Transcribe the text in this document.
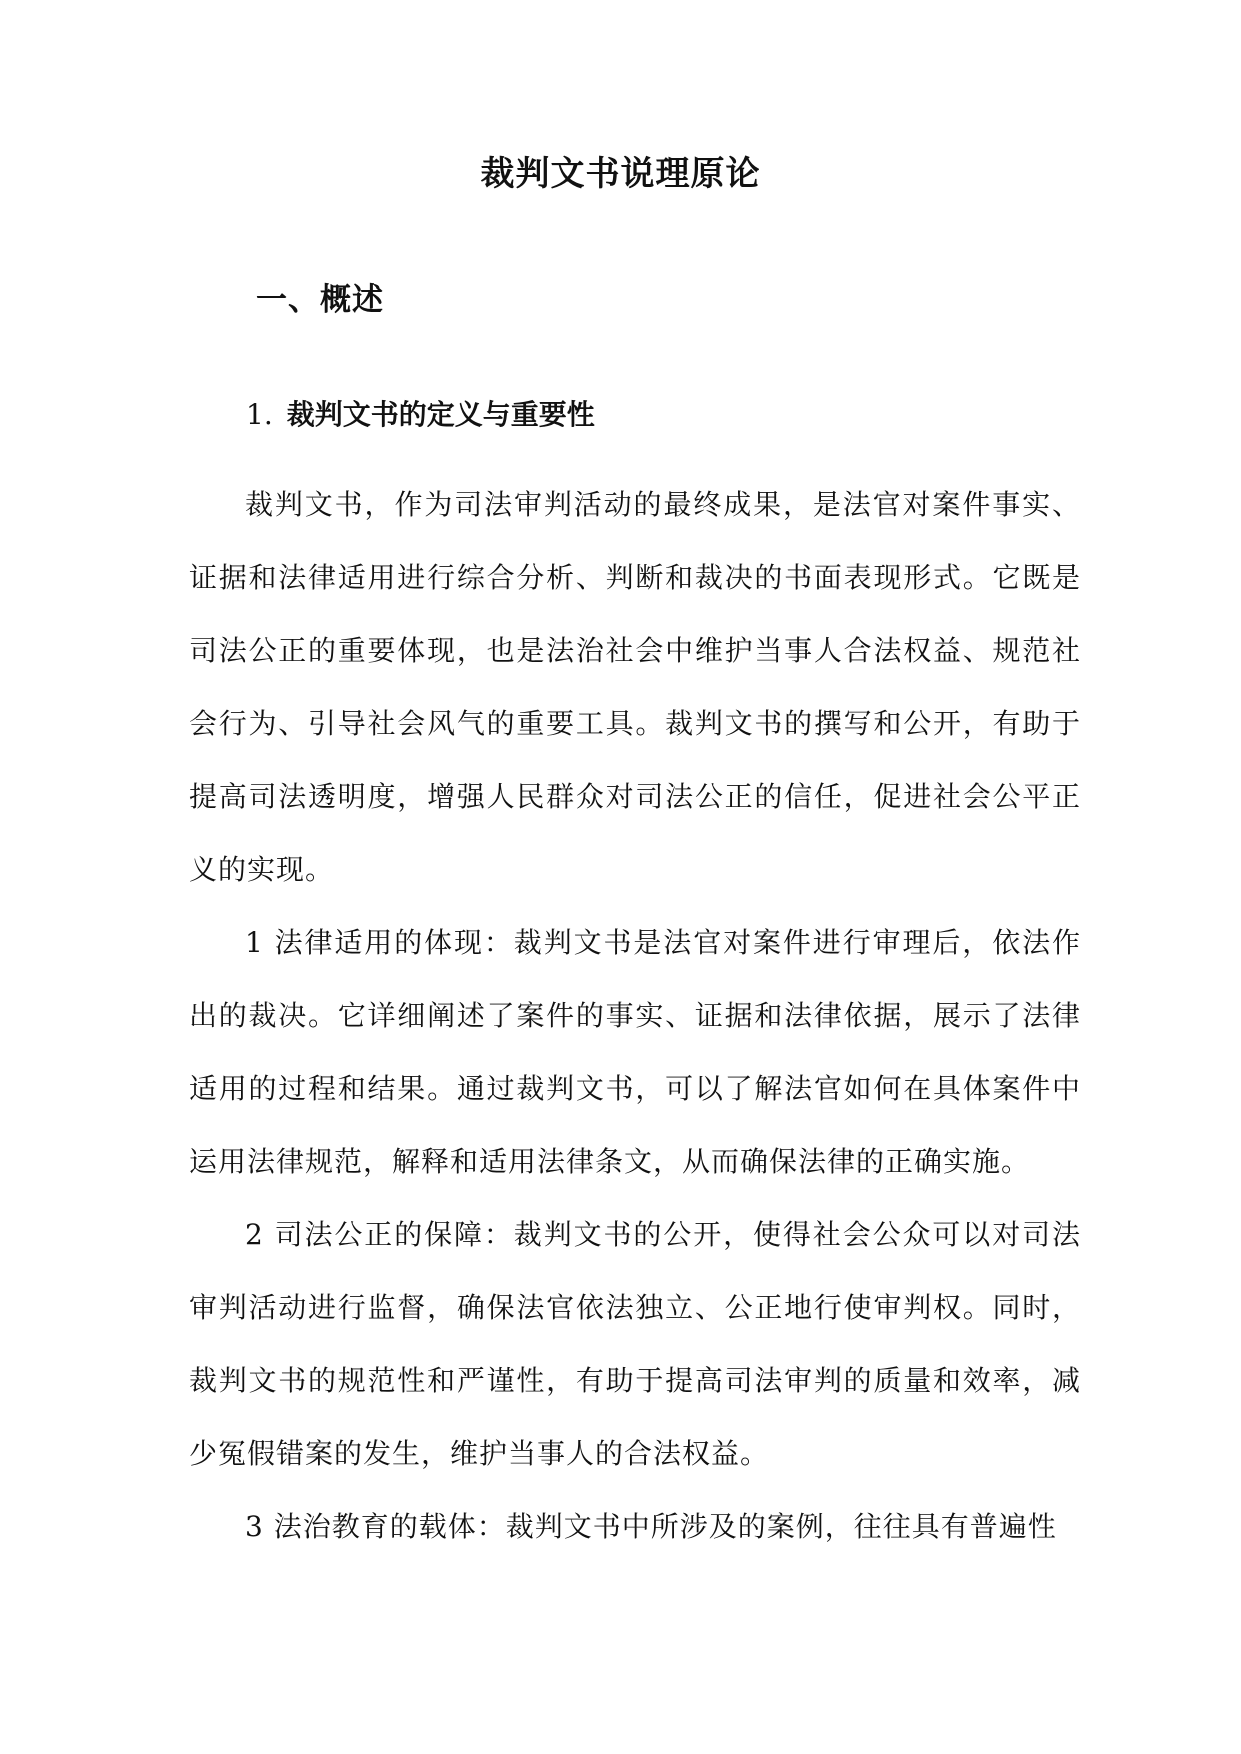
裁判文书说理原论
一、概述
1. 裁判文书的定义与重要性

裁判文书，作为司法审判活动的最终成果，是法官对案件事实、证据和法律适用进行综合分析、判断和裁决的书面表现形式。它既是司法公正的重要体现，也是法治社会中维护当事人合法权益、规范社会行为、引导社会风气的重要工具。裁判文书的撰写和公开，有助于提高司法透明度，增强人民群众对司法公正的信任，促进社会公平正义的实现。

1 法律适用的体现：裁判文书是法官对案件进行审理后，依法作出的裁决。它详细阐述了案件的事实、证据和法律依据，展示了法律适用的过程和结果。通过裁判文书，可以了解法官如何在具体案件中运用法律规范，解释和适用法律条文，从而确保法律的正确实施。

2 司法公正的保障：裁判文书的公开，使得社会公众可以对司法审判活动进行监督，确保法官依法独立、公正地行使审判权。同时，裁判文书的规范性和严谨性，有助于提高司法审判的质量和效率，减少冤假错案的发生，维护当事人的合法权益。

3 法治教育的载体：裁判文书中所涉及的案例，往往具有普遍性
